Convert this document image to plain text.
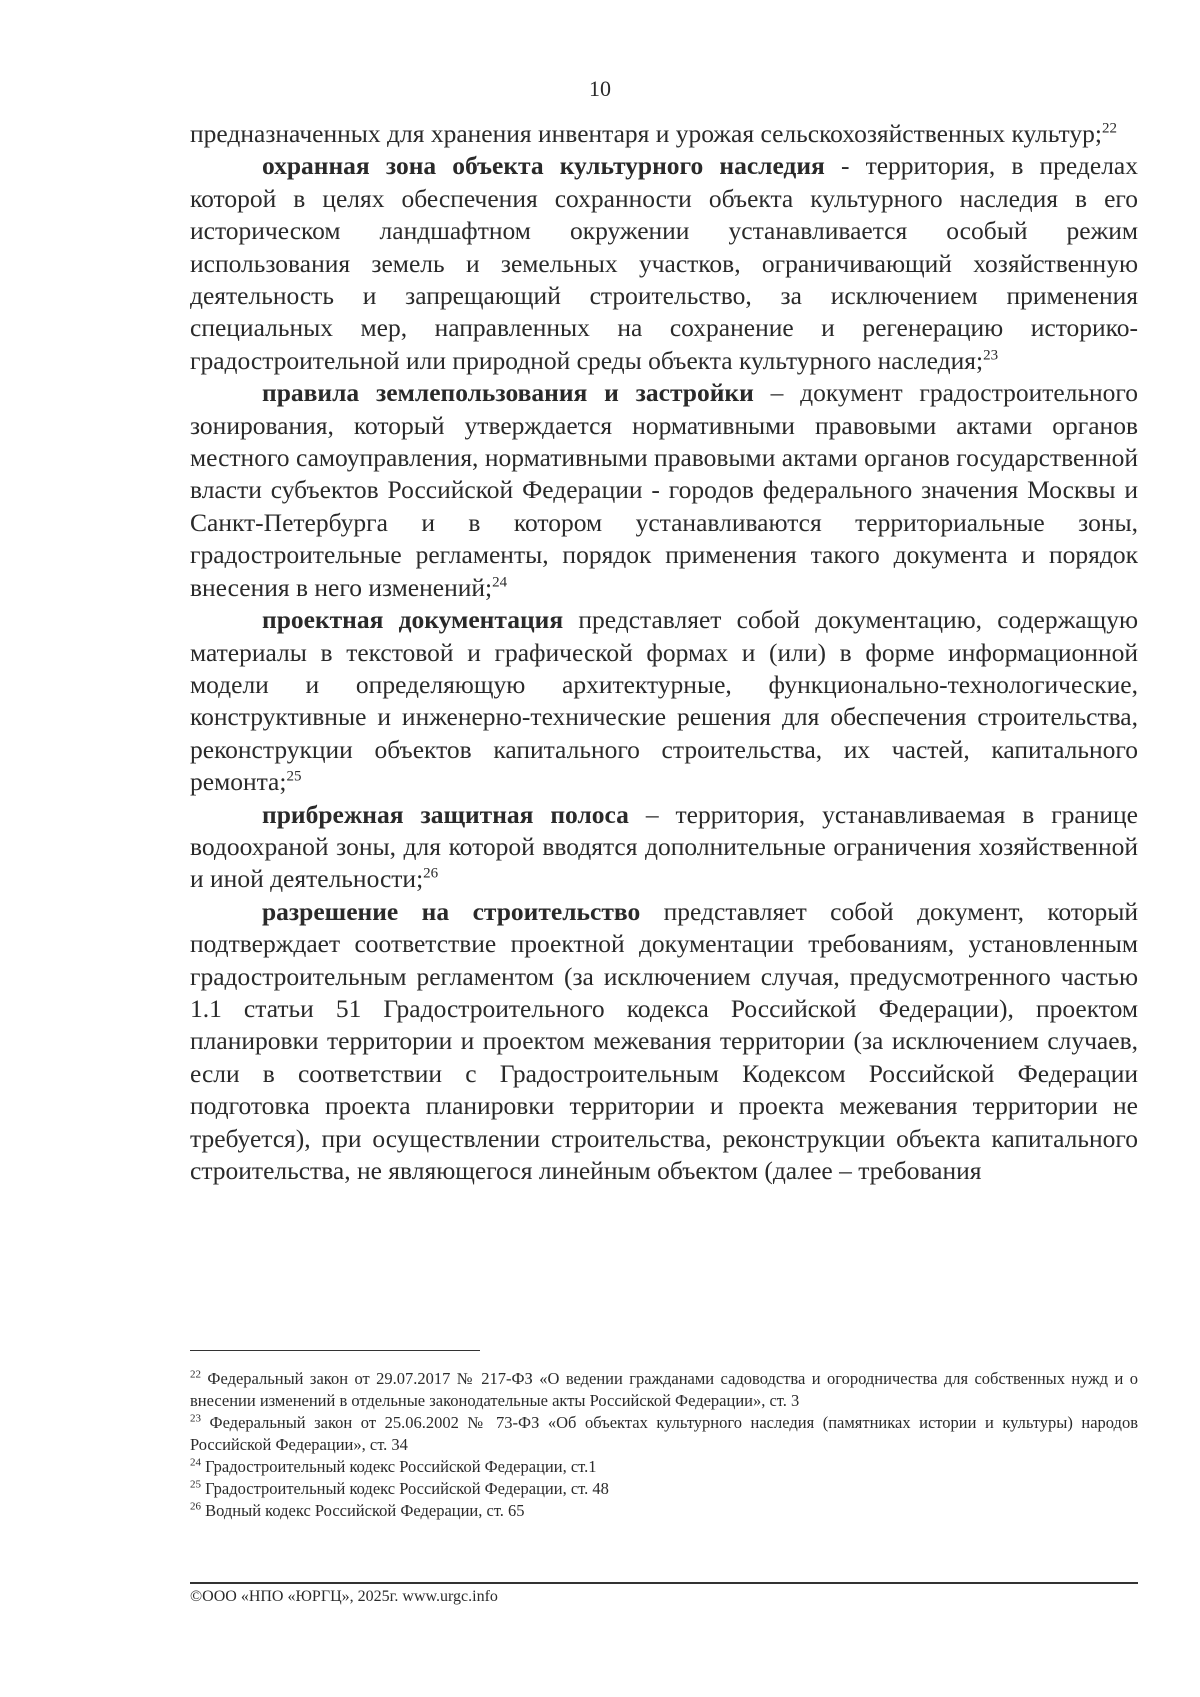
10

предназначенных для хранения инвентаря и урожая сельскохозяйственных культур;$^{22}$

охранная зона объекта культурного наследия - территория, в пределах которой в целях обеспечения сохранности объекта культурного наследия в его историческом ландшафтном окружении устанавливается особый режим использования земель и земельных участков, ограничивающий хозяйственную деятельность и запрещающий строительство, за исключением применения специальных мер, направленных на сохранение и регенерацию историко-градостроительной или природной среды объекта культурного наследия;$^{23}$

правила землепользования и застройки – документ градостроительного зонирования, который утверждается нормативными правовыми актами органов местного самоуправления, нормативными правовыми актами органов государственной власти субъектов Российской Федерации - городов федерального значения Москвы и Санкт-Петербурга и в котором устанавливаются территориальные зоны, градостроительные регламенты, порядок применения такого документа и порядок внесения в него изменений;$^{24}$

проектная документация представляет собой документацию, содержащую материалы в текстовой и графической формах и (или) в форме информационной модели и определяющую архитектурные, функционально-технологические, конструктивные и инженерно-технические решения для обеспечения строительства, реконструкции объектов капитального строительства, их частей, капитального ремонта;$^{25}$

прибрежная защитная полоса – территория, устанавливаемая в границе водоохраной зоны, для которой вводятся дополнительные ограничения хозяйственной и иной деятельности;$^{26}$

разрешение на строительство представляет собой документ, который подтверждает соответствие проектной документации требованиям, установленным градостроительным регламентом (за исключением случая, предусмотренного частью 1.1 статьи 51 Градостроительного кодекса Российской Федерации), проектом планировки территории и проектом межевания территории (за исключением случаев, если в соответствии с Градостроительным Кодексом Российской Федерации подготовка проекта планировки территории и проекта межевания территории не требуется), при осуществлении строительства, реконструкции объекта капитального строительства, не являющегося линейным объектом (далее – требования

$^{22}$ Федеральный закон от 29.07.2017 № 217-ФЗ «О ведении гражданами садоводства и огородничества для собственных нужд и о внесении изменений в отдельные законодательные акты Российской Федерации», ст. 3

$^{23}$ Федеральный закон от 25.06.2002 № 73-ФЗ «Об объектах культурного наследия (памятниках истории и культуры) народов Российской Федерации», ст. 34

$^{24}$ Градостроительный кодекс Российской Федерации, ст.1

$^{25}$ Градостроительный кодекс Российской Федерации, ст. 48

$^{26}$ Водный кодекс Российской Федерации, ст. 65

©ООО «НПО «ЮРГЦ», 2025г. www.urgc.info
